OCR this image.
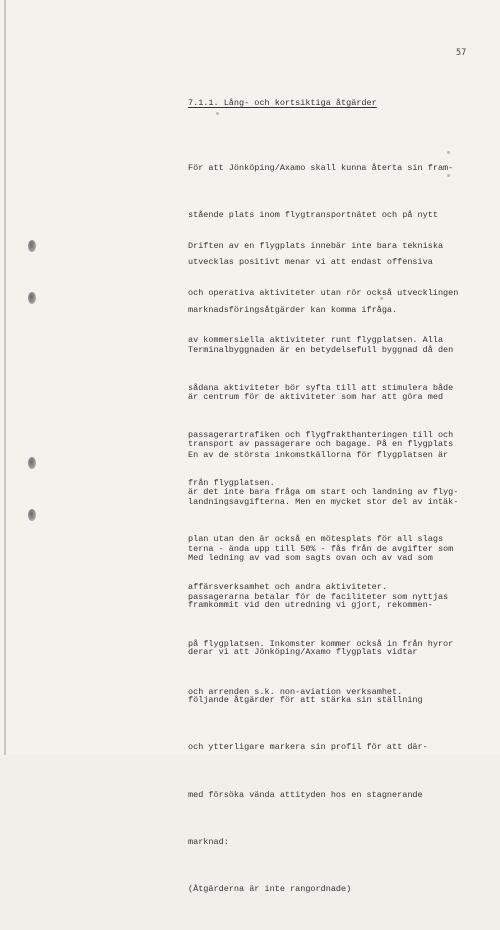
57
7.1.1. Lång- och kortsiktiga åtgärder

För att Jönköping/Axamo skall kunna återta sin fram-

stående plats inom flygtransportnätet och på nytt

utvecklas positivt menar vi att endast offensiva

marknadsföringsåtgärder kan komma ifråga.

Driften av en flygplats innebär inte bara tekniska

och operativa aktiviteter utan rör också utvecklingen

av kommersiella aktiviteter runt flygplatsen. Alla

sådana aktiviteter bör syfta till att stimulera både

passagerartrafiken och flygfrakthanteringen till och

från flygplatsen.

Terminalbyggnaden är en betydelsefull byggnad då den

är centrum för de aktiviteter som har att göra med

transport av passagerare och bagage. På en flygplats

är det inte bara fråga om start och landning av flyg-

plan utan den är också en mötesplats för all slags

affärsverksamhet och andra aktiviteter.

En av de största inkomstkällorna för flygplatsen är

landningsavgifterna. Men en mycket stor del av intäk-

terna - ända upp till 50% - fås från de avgifter som

passagerarna betalar för de faciliteter som nyttjas

på flygplatsen. Inkomster kommer också in från hyror

och arrenden s.k. non-aviation verksamhet.

Med ledning av vad som sagts ovan och av vad som

framkommit vid den utredning vi gjort, rekommen-

derar vi att Jönköping/Axamo flygplats vidtar

följande åtgärder för att stärka sin ställning

och ytterligare markera sin profil för att där-

med försöka vända attityden hos en stagnerande

marknad:

(Åtgärderna är inte rangordnade)
